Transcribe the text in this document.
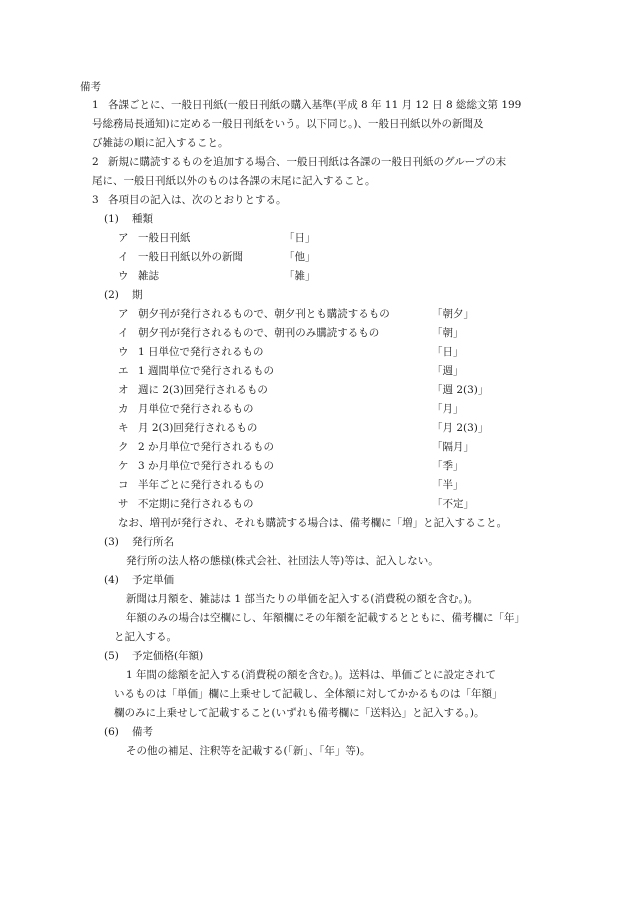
備考
1 各課ごとに、一般日刊紙(一般日刊紙の購入基準(平成 8 年 11 月 12 日 8 総総文第 199
号総務局長通知)に定める一般日刊紙をいう。以下同じ。)、一般日刊紙以外の新聞及
び雑誌の順に記入すること。
2 新規に購読するものを追加する場合、一般日刊紙は各課の一般日刊紙のグループの末
尾に、一般日刊紙以外のものは各課の末尾に記入すること。
3 各項目の記入は、次のとおりとする。
(1) 種類
ア 一般日刊紙	「日」
イ 一般日刊紙以外の新聞	「他」
ウ 雑誌	「雑」
(2) 期
ア 朝夕刊が発行されるもので、朝夕刊とも購読するもの	「朝夕」
イ 朝夕刊が発行されるもので、朝刊のみ購読するもの	「朝」
ウ 1 日単位で発行されるもの	「日」
エ 1 週間単位で発行されるもの	「週」
オ 週に 2(3)回発行されるもの	「週 2(3)」
カ 月単位で発行されるもの	「月」
キ 月 2(3)回発行されるもの	「月 2(3)」
ク 2 か月単位で発行されるもの	「隔月」
ケ 3 か月単位で発行されるもの	「季」
コ 半年ごとに発行されるもの	「半」
サ 不定期に発行されるもの	「不定」
なお、増刊が発行され、それも購読する場合は、備考欄に「増」と記入すること。
(3) 発行所名
発行所の法人格の態様(株式会社、社団法人等)等は、記入しない。
(4) 予定単価
新聞は月額を、雑誌は 1 部当たりの単価を記入する(消費税の額を含む。)。
年額のみの場合は空欄にし、年額欄にその年額を記載するとともに、備考欄に「年」
と記入する。
(5) 予定価格(年額)
1 年間の総額を記入する(消費税の額を含む。)。送料は、単価ごとに設定されて
いるものは「単価」欄に上乗せして記載し、全体額に対してかかるものは「年額」
欄のみに上乗せして記載すること(いずれも備考欄に「送料込」と記入する。)。
(6) 備考
その他の補足、注釈等を記載する(「新」、「年」等)。
